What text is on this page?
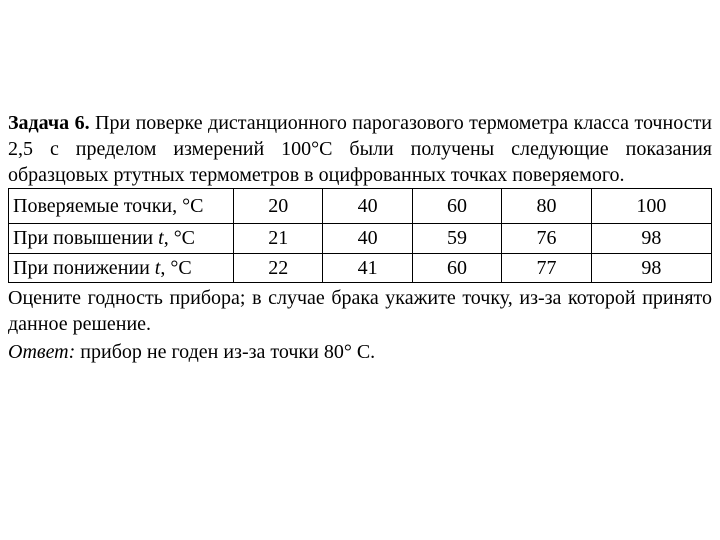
Задача 6. При поверке дистанционного парогазового термометра класса точности 2,5 с пределом измерений 100°С были получены следующие показания образцовых ртутных термометров в оцифрованных точках поверяемого.

Поверяемые точки, °С	20	40	60	80	100
При повышении t, °С	21	40	59	76	98
При понижении t, °С	22	41	60	77	98

Оцените годность прибора; в случае брака укажите точку, из-за которой принято данное решение.

Ответ: прибор не годен из-за точки 80° С.
